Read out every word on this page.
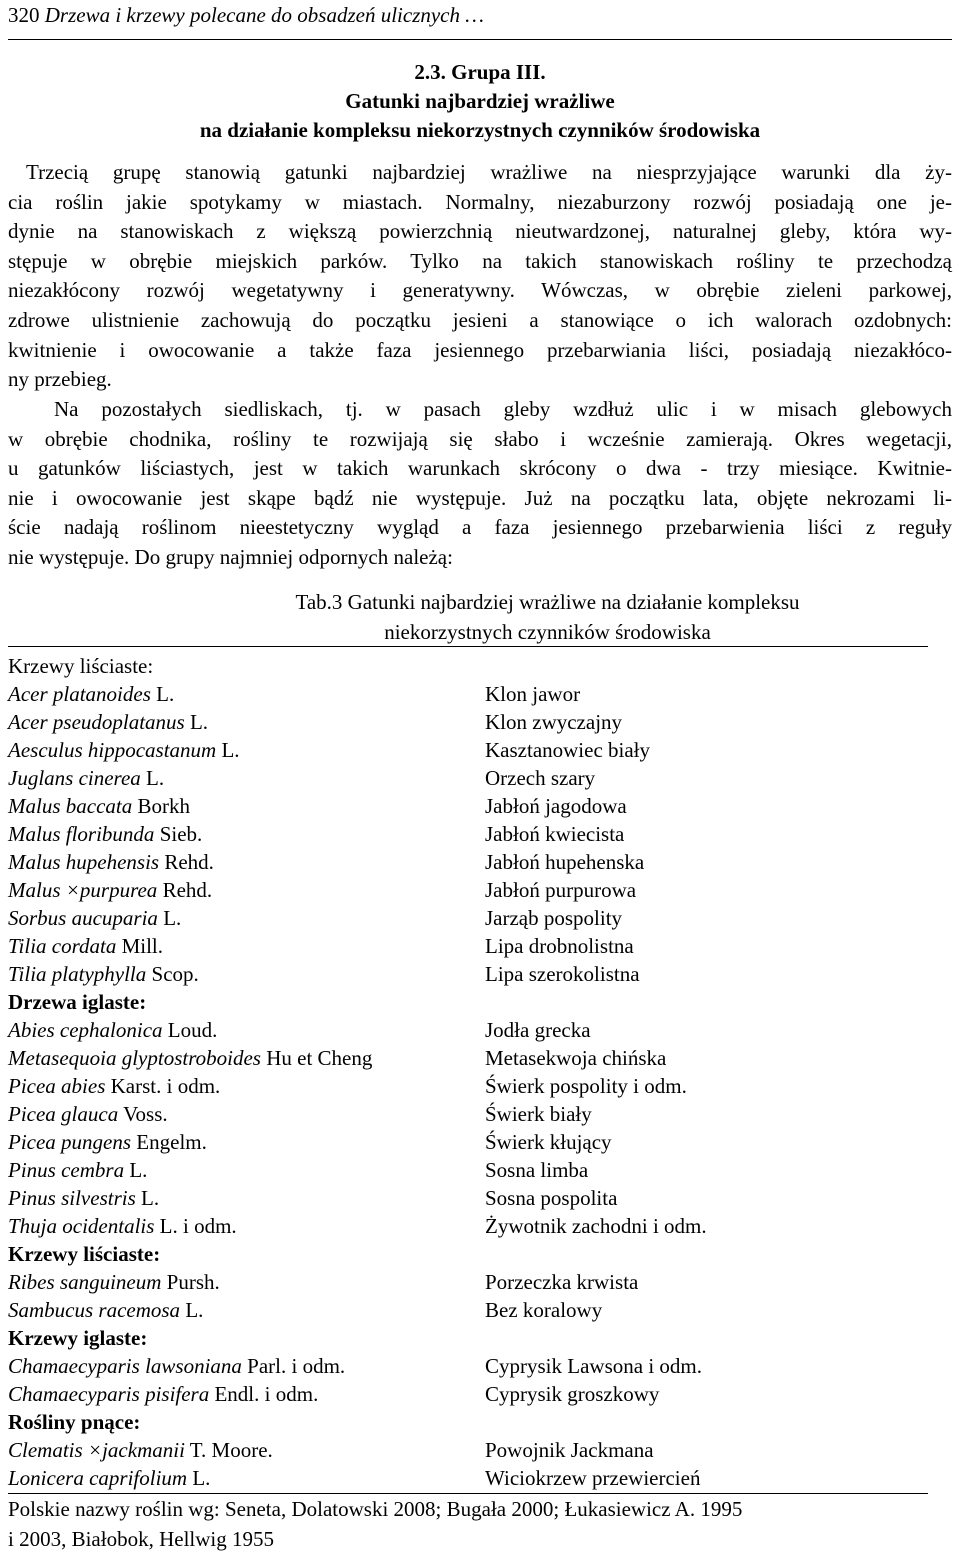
320 Drzewa i krzewy polecane do obsadzeń ulicznych …
2.3. Grupa III.
Gatunki najbardziej wrażliwe
na działanie kompleksu niekorzystnych czynników środowiska
Trzecią grupę stanowią gatunki najbardziej wrażliwe na niesprzyjające warunki dla ży-
cia roślin jakie spotykamy w miastach. Normalny, niezaburzony rozwój posiadają one je-
dynie na stanowiskach z większą powierzchnią nieutwardzonej, naturalnej gleby, która wy-
stępuje w obrębie miejskich parków. Tylko na takich stanowiskach rośliny te przechodzą
niezakłócony rozwój wegetatywny i generatywny. Wówczas, w obrębie zieleni parkowej,
zdrowe ulistnienie zachowują do początku jesieni a stanowiące o ich walorach ozdobnych:
kwitnienie i owocowanie a także faza jesiennego przebarwiania liści, posiadają niezakłóco-
ny przebieg.
Na pozostałych siedliskach, tj. w pasach gleby wzdłuż ulic i w misach glebowych
w obrębie chodnika, rośliny te rozwijają się słabo i wcześnie zamierają. Okres wegetacji,
u gatunków liściastych, jest w takich warunkach skrócony o dwa - trzy miesiące. Kwitnie-
nie i owocowanie jest skąpe bądź nie występuje. Już na początku lata, objęte nekrozami li-
ście nadają roślinom nieestetyczny wygląd a faza jesiennego przebarwienia liści z reguły
nie występuje. Do grupy najmniej odpornych należą:
Tab.3 Gatunki najbardziej wrażliwe na działanie kompleksu
niekorzystnych czynników środowiska
Krzewy liściaste:
Acer platanoides L.	Klon jawor
Acer pseudoplatanus L.	Klon zwyczajny
Aesculus hippocastanum L.	Kasztanowiec biały
Juglans cinerea L.	Orzech szary
Malus baccata Borkh	Jabłoń jagodowa
Malus floribunda Sieb.	Jabłoń kwiecista
Malus hupehensis Rehd.	Jabłoń hupehenska
Malus ×purpurea Rehd.	Jabłoń purpurowa
Sorbus aucuparia L.	Jarząb pospolity
Tilia cordata Mill.	Lipa drobnolistna
Tilia platyphylla Scop.	Lipa szerokolistna
Drzewa iglaste:
Abies cephalonica Loud.	Jodła grecka
Metasequoia glyptostroboides Hu et Cheng	Metasekwoja chińska
Picea abies Karst. i odm.	Świerk pospolity i odm.
Picea glauca Voss.	Świerk biały
Picea pungens Engelm.	Świerk kłujący
Pinus cembra L.	Sosna limba
Pinus silvestris L.	Sosna pospolita
Thuja ocidentalis L. i odm.	Żywotnik zachodni i odm.
Krzewy liściaste:
Ribes sanguineum Pursh.	Porzeczka krwista
Sambucus racemosa L.	Bez koralowy
Krzewy iglaste:
Chamaecyparis lawsoniana Parl. i odm.	Cyprysik Lawsona i odm.
Chamaecyparis pisifera Endl. i odm.	Cyprysik groszkowy
Rośliny pnące:
Clematis ×jackmanii T. Moore.	Powojnik Jackmana
Lonicera caprifolium L.	Wiciokrzew przewiercień
Polskie nazwy roślin wg: Seneta, Dolatowski 2008; Bugała 2000; Łukasiewicz A. 1995
i 2003, Białobok, Hellwig 1955
